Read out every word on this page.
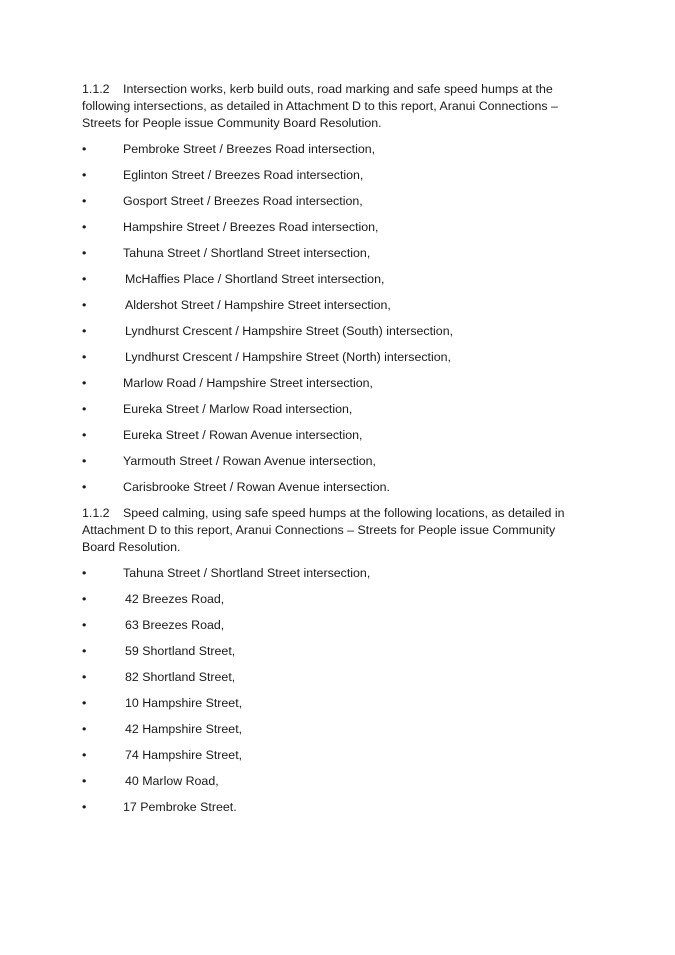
1.1.2 Intersection works, kerb build outs, road marking and safe speed humps at the following intersections, as detailed in Attachment D to this report, Aranui Connections – Streets for People issue Community Board Resolution.

•	Pembroke Street / Breezes Road intersection,
•	Eglinton Street / Breezes Road intersection,
•	Gosport Street / Breezes Road intersection,
•	Hampshire Street / Breezes Road intersection,
•	Tahuna Street / Shortland Street intersection,
•	McHaffies Place / Shortland Street intersection,
•	Aldershot Street / Hampshire Street intersection,
•	Lyndhurst Crescent / Hampshire Street (South) intersection,
•	Lyndhurst Crescent / Hampshire Street (North) intersection,
•	Marlow Road / Hampshire Street intersection,
•	Eureka Street / Marlow Road intersection,
•	Eureka Street / Rowan Avenue intersection,
•	Yarmouth Street / Rowan Avenue intersection,
•	Carisbrooke Street / Rowan Avenue intersection.

1.1.2 Speed calming, using safe speed humps at the following locations, as detailed in Attachment D to this report, Aranui Connections – Streets for People issue Community Board Resolution.

•	Tahuna Street / Shortland Street intersection,
•	42 Breezes Road,
•	63 Breezes Road,
•	59 Shortland Street,
•	82 Shortland Street,
•	10 Hampshire Street,
•	42 Hampshire Street,
•	74 Hampshire Street,
•	40 Marlow Road,
•	17 Pembroke Street.
